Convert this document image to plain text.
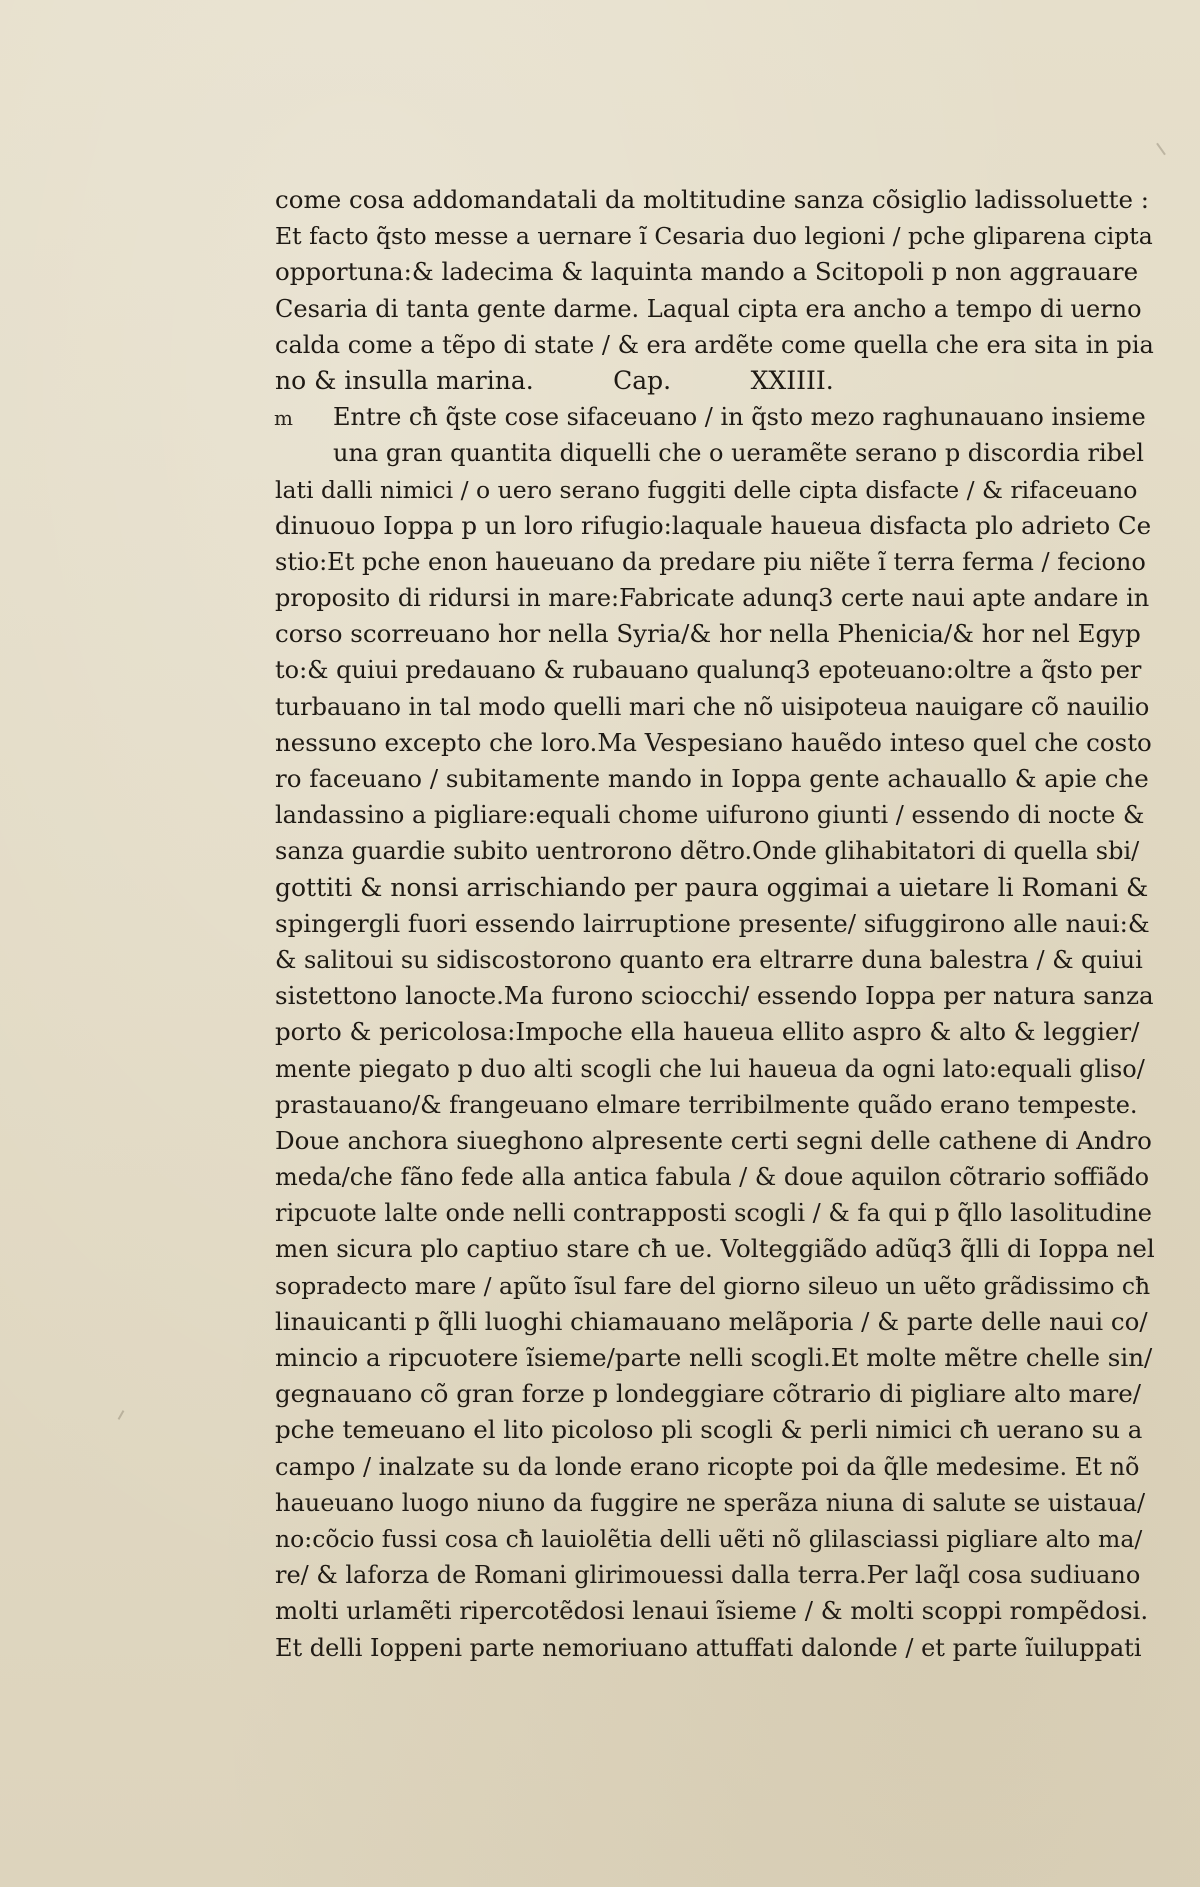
m
come cosa addomandatali da moltitudine sanza cõsiglio ladissoluette :
Et facto q̃sto messe a uernare ĩ Cesaria duo legioni / pche gliparena cipta
opportuna:& ladecima & laquinta mando a Scitopoli p non aggrauare
Cesaria di tanta gente darme. Laqual cipta era ancho a tempo di uerno
calda come a tẽpo di state / & era ardẽte come quella che era sita in pia
no & insulla marina.          Cap.          XXIIII.
Entre cħ q̃ste cose sifaceuano / in q̃sto mezo raghunauano insieme
una gran quantita diquelli che o ueramẽte serano p discordia ribel
lati dalli nimici / o uero serano fuggiti delle cipta disfacte / & rifaceuano
dinuouo Ioppa p un loro rifugio:laquale haueua disfacta plo adrieto Ce
stio:Et pche enon haueuano da predare piu niẽte ĩ terra ferma / feciono
proposito di ridursi in mare:Fabricate adunq3 certe naui apte andare in
corso scorreuano hor nella Syria/& hor nella Phenicia/& hor nel Egyp
to:& quiui predauano & rubauano qualunq3 epoteuano:oltre a q̃sto per
turbauano in tal modo quelli mari che nõ uisipoteua nauigare cõ nauilio
nessuno excepto che loro.Ma Vespesiano hauẽdo inteso quel che costo
ro faceuano / subitamente mando in Ioppa gente achauallo & apie che
landassino a pigliare:equali chome uifurono giunti / essendo di nocte &
sanza guardie subito uentrorono dẽtro.Onde glihabitatori di quella sbi/
gottiti & nonsi arrischiando per paura oggimai a uietare li Romani &
spingergli fuori essendo lairruptione presente/ sifuggirono alle naui:&
& salitoui su sidiscostorono quanto era eltrarre duna balestra / & quiui
sistettono lanocte.Ma furono sciocchi/ essendo Ioppa per natura sanza
porto & pericolosa:Impoche ella haueua ellito aspro & alto & leggier/
mente piegato p duo alti scogli che lui haueua da ogni lato:equali gliso/
prastauano/& frangeuano elmare terribilmente quãdo erano tempeste.
Doue anchora siueghono alpresente certi segni delle cathene di Andro
meda/che fãno fede alla antica fabula / & doue aquilon cõtrario soffiãdo
ripcuote lalte onde nelli contrapposti scogli / & fa qui p q̃llo lasolitudine
men sicura plo captiuo stare cħ ue. Volteggiãdo adũq3 q̃lli di Ioppa nel
sopradecto mare / apũto ĩsul fare del giorno sileuo un uẽto grãdissimo cħ
linauicanti p q̃lli luoghi chiamauano melãporia / & parte delle naui co/
mincio a ripcuotere ĩsieme/parte nelli scogli.Et molte mẽtre chelle sin/
gegnauano cõ gran forze p londeggiare cõtrario di pigliare alto mare/
pche temeuano el lito picoloso pli scogli & perli nimici cħ uerano su a
campo / inalzate su da londe erano ricopte poi da q̃lle medesime. Et nõ
haueuano luogo niuno da fuggire ne sperãza niuna di salute se uistaua/
no:cõcio fussi cosa cħ lauiolẽtia delli uẽti nõ glilasciassi pigliare alto ma/
re/ & laforza de Romani glirimouessi dalla terra.Per laq̃l cosa sudiuano
molti urlamẽti ripercotẽdosi lenaui ĩsieme / & molti scoppi rompẽdosi.
Et delli Ioppeni parte nemoriuano attuffati dalonde / et parte ĩuiluppati
